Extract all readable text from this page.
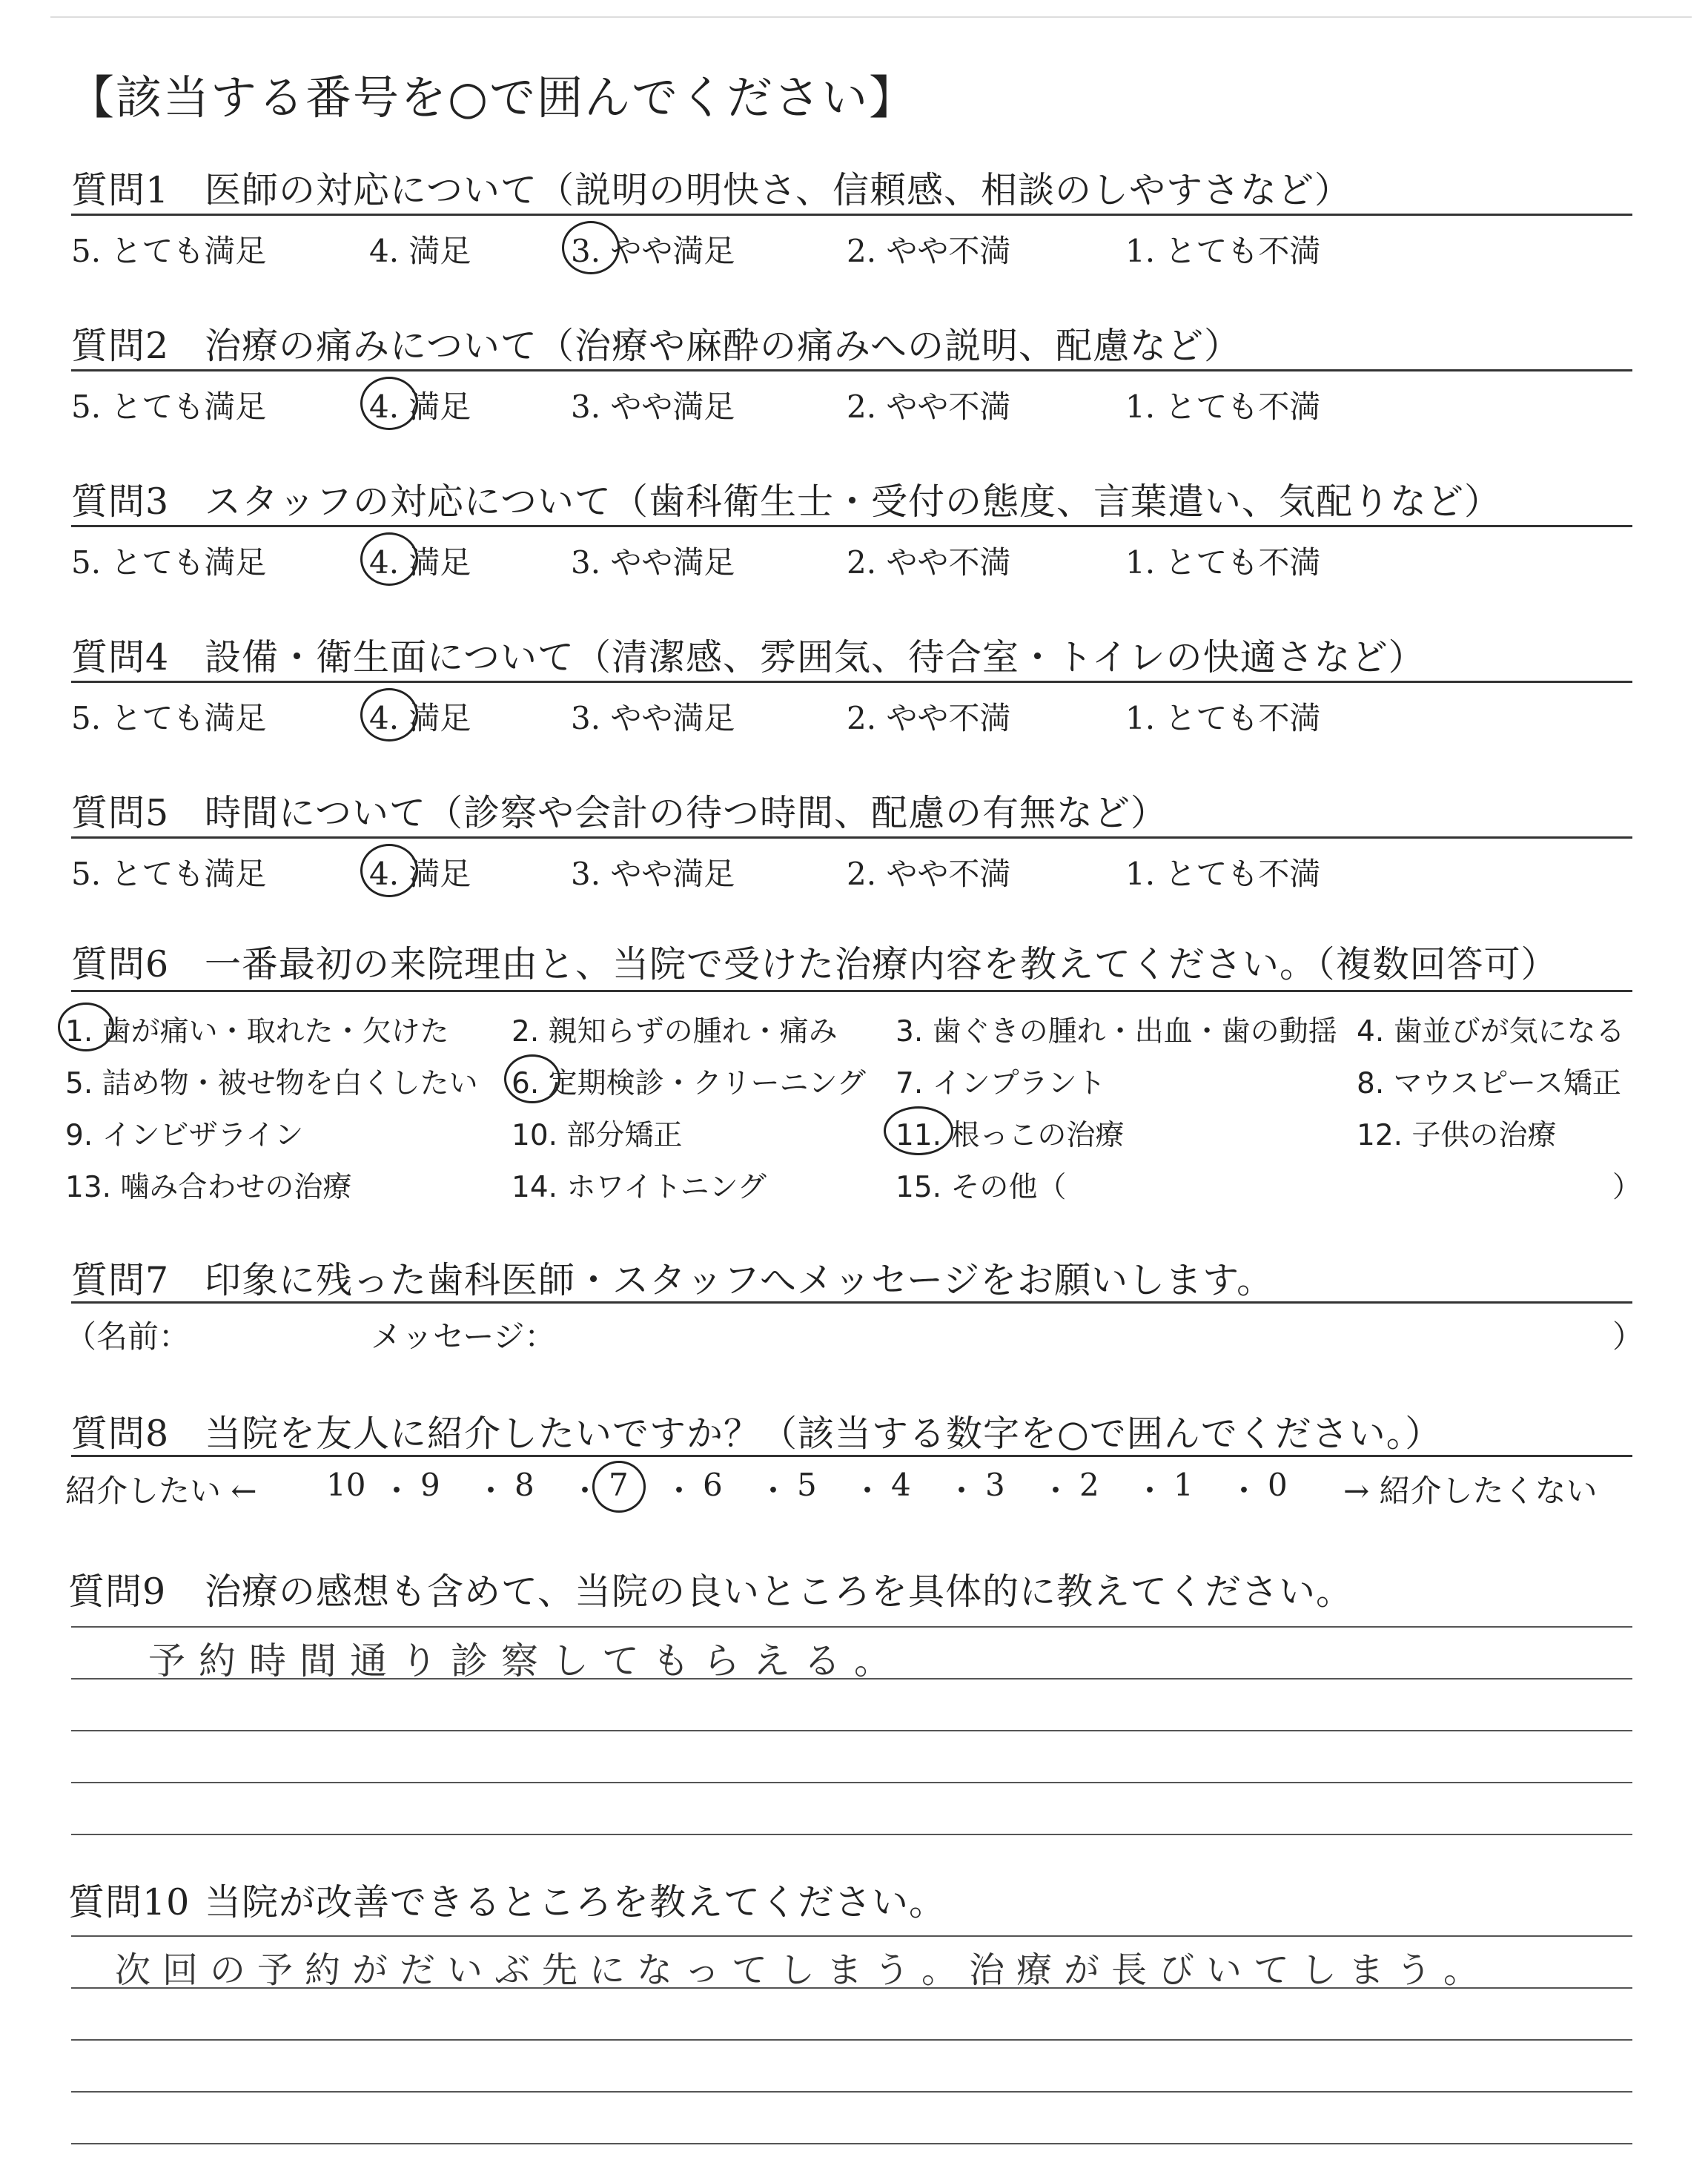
【該当する番号を○で囲んでください】
質問1 医師の対応について（説明の明快さ、信頼感、相談のしやすさなど）
5. とても満足	4. 満足	3. やや満足	2. やや不満	1. とても不満
質問2 治療の痛みについて（治療や麻酔の痛みへの説明、配慮など）
5. とても満足	4. 満足	3. やや満足	2. やや不満	1. とても不満
質問3 スタッフの対応について（歯科衛生士・受付の態度、言葉遣い、気配りなど）
5. とても満足	4. 満足	3. やや満足	2. やや不満	1. とても不満
質問4 設備・衛生面について（清潔感、雰囲気、待合室・トイレの快適さなど）
5. とても満足	4. 満足	3. やや満足	2. やや不満	1. とても不満
質問5 時間について（診察や会計の待つ時間、配慮の有無など）
5. とても満足	4. 満足	3. やや満足	2. やや不満	1. とても不満
質問6 一番最初の来院理由と、当院で受けた治療内容を教えてください。（複数回答可）
1. 歯が痛い・取れた・欠けた 2. 親知らずの腫れ・痛み 3. 歯ぐきの腫れ・出血・歯の動揺 4. 歯並びが気になる
5. 詰め物・被せ物を白くしたい 6. 定期検診・クリーニング 7. インプラント	8. マウスピース矯正
9. インビザライン	10. 部分矯正	11. 根っこの治療	12. 子供の治療
13. 噛み合わせの治療	14. ホワイトニング	15. その他（	）
質問7 印象に残った歯科医師・スタッフへメッセージをお願いします。
（名前：	メッセージ：	）
質問8 当院を友人に紹介したいですか？（該当する数字を○で囲んでください。）
紹介したい ← 10 ・ 9 ・ 8 ・ 7 ・ 6 ・ 5 ・ 4 ・ 3 ・ 2 ・ 1 ・ 0 → 紹介したくない
質問9 治療の感想も含めて、当院の良いところを具体的に教えてください。
予約時間通り診察してもらえる。
質問10 当院が改善できるところを教えてください。
次回の予約がだいぶ先になってしまう。治療が長びいてしまう。
